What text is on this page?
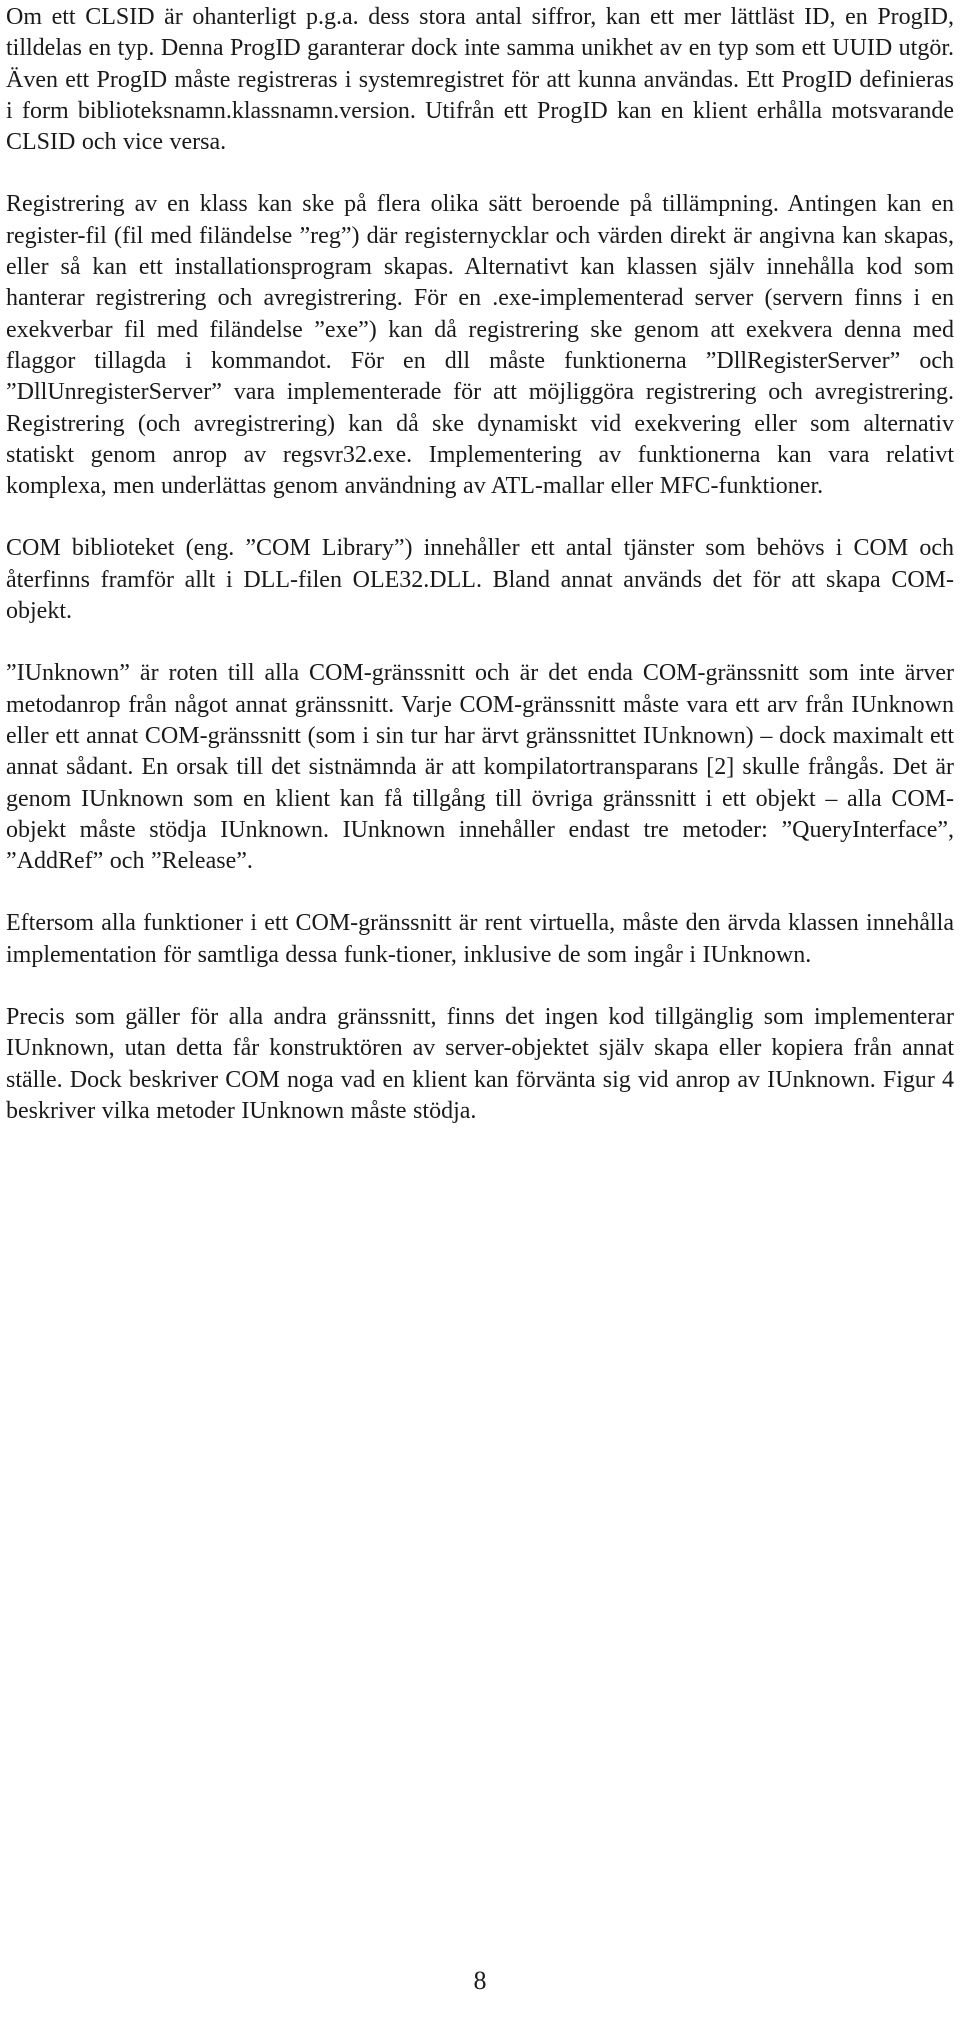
Om ett CLSID är ohanterligt p.g.a. dess stora antal siffror, kan ett mer lättläst ID, en ProgID, tilldelas en typ. Denna ProgID garanterar dock inte samma unikhet av en typ som ett UUID utgör. Även ett ProgID måste registreras i systemregistret för att kunna användas. Ett ProgID definieras i form biblioteksnamn.klassnamn.version. Utifrån ett ProgID kan en klient erhålla motsvarande CLSID och vice versa.

Registrering av en klass kan ske på flera olika sätt beroende på tillämpning. Antingen kan en register-fil (fil med filändelse ”reg”) där registernycklar och värden direkt är angivna kan skapas, eller så kan ett installationsprogram skapas. Alternativt kan klassen själv innehålla kod som hanterar registrering och avregistrering. För en .exe-implementerad server (servern finns i en exekverbar fil med filändelse ”exe”) kan då registrering ske genom att exekvera denna med flaggor tillagda i kommandot. För en dll måste funktionerna ”DllRegisterServer” och ”DllUnregisterServer” vara implementerade för att möjliggöra registrering och avregistrering. Registrering (och avregistrering) kan då ske dynamiskt vid exekvering eller som alternativ statiskt genom anrop av regsvr32.exe. Implementering av funktionerna kan vara relativt komplexa, men underlättas genom användning av ATL-mallar eller MFC-funktioner.

COM biblioteket (eng. ”COM Library”) innehåller ett antal tjänster som behövs i COM och återfinns framför allt i DLL-filen OLE32.DLL. Bland annat används det för att skapa COM-objekt.

”IUnknown” är roten till alla COM-gränssnitt och är det enda COM-gränssnitt som inte ärver metodanrop från något annat gränssnitt. Varje COM-gränssnitt måste vara ett arv från IUnknown eller ett annat COM-gränssnitt (som i sin tur har ärvt gränssnittet IUnknown) – dock maximalt ett annat sådant. En orsak till det sistnämnda är att kompilatortransparans [2] skulle frångås. Det är genom IUnknown som en klient kan få tillgång till övriga gränssnitt i ett objekt – alla COM-objekt måste stödja IUnknown. IUnknown innehåller endast tre metoder: ”QueryInterface”, ”AddRef” och ”Release”.

Eftersom alla funktioner i ett COM-gränssnitt är rent virtuella, måste den ärvda klassen innehålla implementation för samtliga dessa funk-tioner, inklusive de som ingår i IUnknown.

Precis som gäller för alla andra gränssnitt, finns det ingen kod tillgänglig som implementerar IUnknown, utan detta får konstruktören av server-objektet själv skapa eller kopiera från annat ställe. Dock beskriver COM noga vad en klient kan förvänta sig vid anrop av IUnknown. Figur 4 beskriver vilka metoder IUnknown måste stödja.

8
